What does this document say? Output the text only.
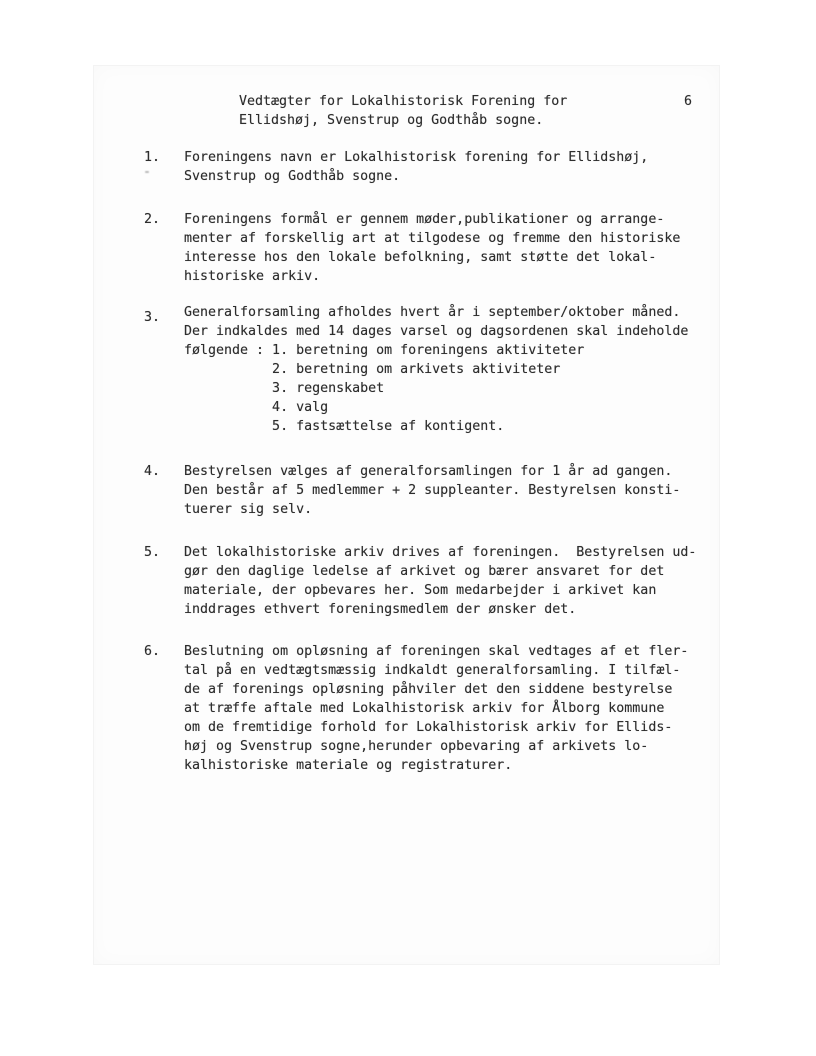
Vedtægter for Lokalhistorisk Forening for
Ellidshøj, Svenstrup og Godthåb sogne.
6
1.	Foreningens navn er Lokalhistorisk forening for Ellidshøj,
Svenstrup og Godthåb sogne.
2.	Foreningens formål er gennem møder,publikationer og arrange-
menter af forskellig art at tilgodese og fremme den historiske
interesse hos den lokale befolkning, samt støtte det lokal-
historiske arkiv.
3.	Generalforsamling afholdes hvert år i september/oktober måned.
Der indkaldes med 14 dages varsel og dagsordenen skal indeholde
følgende : 1. beretning om foreningens aktiviteter
2. beretning om arkivets aktiviteter
3. regenskabet
4. valg
5. fastsættelse af kontigent.
4.	Bestyrelsen vælges af generalforsamlingen for 1 år ad gangen.
Den består af 5 medlemmer + 2 suppleanter. Bestyrelsen konsti-
tuerer sig selv.
5.	Det lokalhistoriske arkiv drives af foreningen.  Bestyrelsen ud-
gør den daglige ledelse af arkivet og bærer ansvaret for det
materiale, der opbevares her. Som medarbejder i arkivet kan
inddrages ethvert foreningsmedlem der ønsker det.
6.	Beslutning om opløsning af foreningen skal vedtages af et fler-
tal på en vedtægtsmæssig indkaldt generalforsamling. I tilfæl-
de af forenings opløsning påhviler det den siddene bestyrelse
at træffe aftale med Lokalhistorisk arkiv for Ålborg kommune
om de fremtidige forhold for Lokalhistorisk arkiv for Ellids-
høj og Svenstrup sogne,herunder opbevaring af arkivets lo-
kalhistoriske materiale og registraturer.
